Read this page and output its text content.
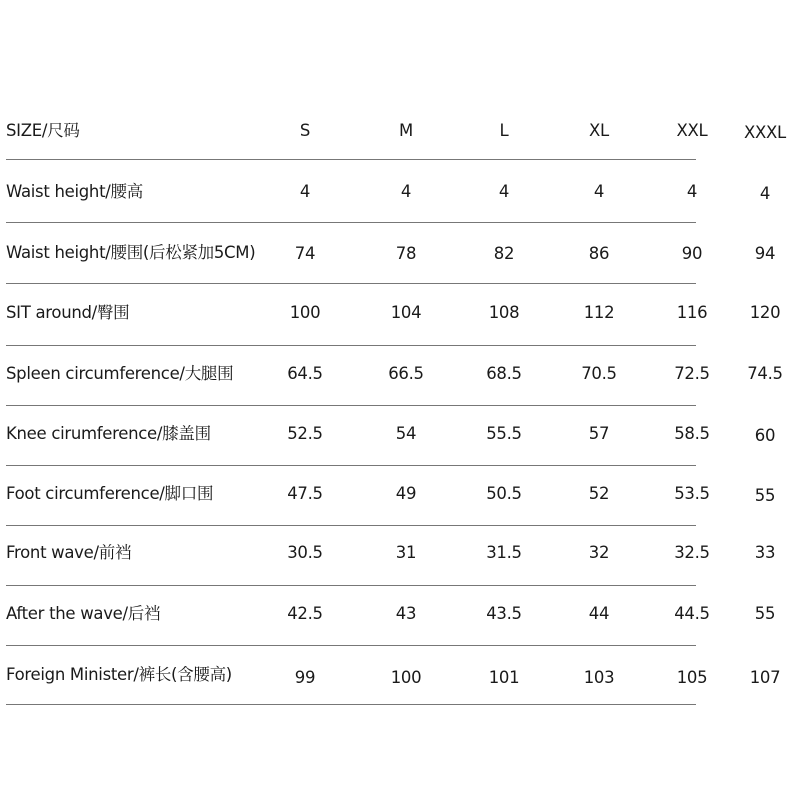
SIZE/尺码	S	M	L	XL	XXL	XXXL
Waist height/腰高	4	4	4	4	4	4
Waist height/腰围(后松紧加5CM)	74	78	82	86	90	94
SIT around/臀围	100	104	108	112	116	120
Spleen circumference/大腿围	64.5	66.5	68.5	70.5	72.5	74.5
Knee cirumference/膝盖围	52.5	54	55.5	57	58.5	60
Foot circumference/脚口围	47.5	49	50.5	52	53.5	55
Front wave/前裆	30.5	31	31.5	32	32.5	33
After the wave/后裆	42.5	43	43.5	44	44.5	55
Foreign Minister/裤长(含腰高)	99	100	101	103	105	107
